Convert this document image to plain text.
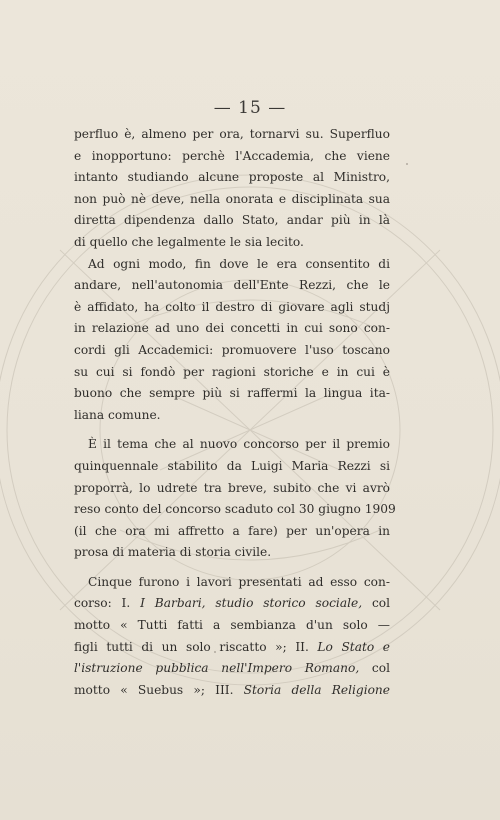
— 15 —
perfluo è, almeno per ora, tornarvi su. Superfluo
e inopportuno: perchè l'Accademia, che viene
intanto studiando alcune proposte al Ministro,
non può nè deve, nella onorata e disciplinata sua
diretta dipendenza dallo Stato, andar più in là
di quello che legalmente le sia lecito.
Ad ogni modo, fin dove le era consentito di
andare, nell'autonomia dell'Ente Rezzi, che le
è affidato, ha colto il destro di giovare agli studj
in relazione ad uno dei concetti in cui sono con-
cordi gli Accademici: promuovere l'uso toscano
su cui si fondò per ragioni storiche e in cui è
buono che sempre più si raffermi la lingua ita-
liana comune.
È il tema che al nuovo concorso per il premio
quinquennale stabilito da Luigi Maria Rezzi si
proporrà, lo udrete tra breve, subito che vi avrò
reso conto del concorso scaduto col 30 giugno 1909
(il che ora mi affretto a fare) per un'opera in
prosa di materia di storia civile.
Cinque furono i lavori presentati ad esso con-
corso: I. I Barbari, studio storico sociale, col
motto « Tutti fatti a sembianza d'un solo —
figli tutti di un solo riscatto »; II. Lo Stato e
l'istruzione pubblica nell'Impero Romano, col
motto « Suebus »; III. Storia della Religione
